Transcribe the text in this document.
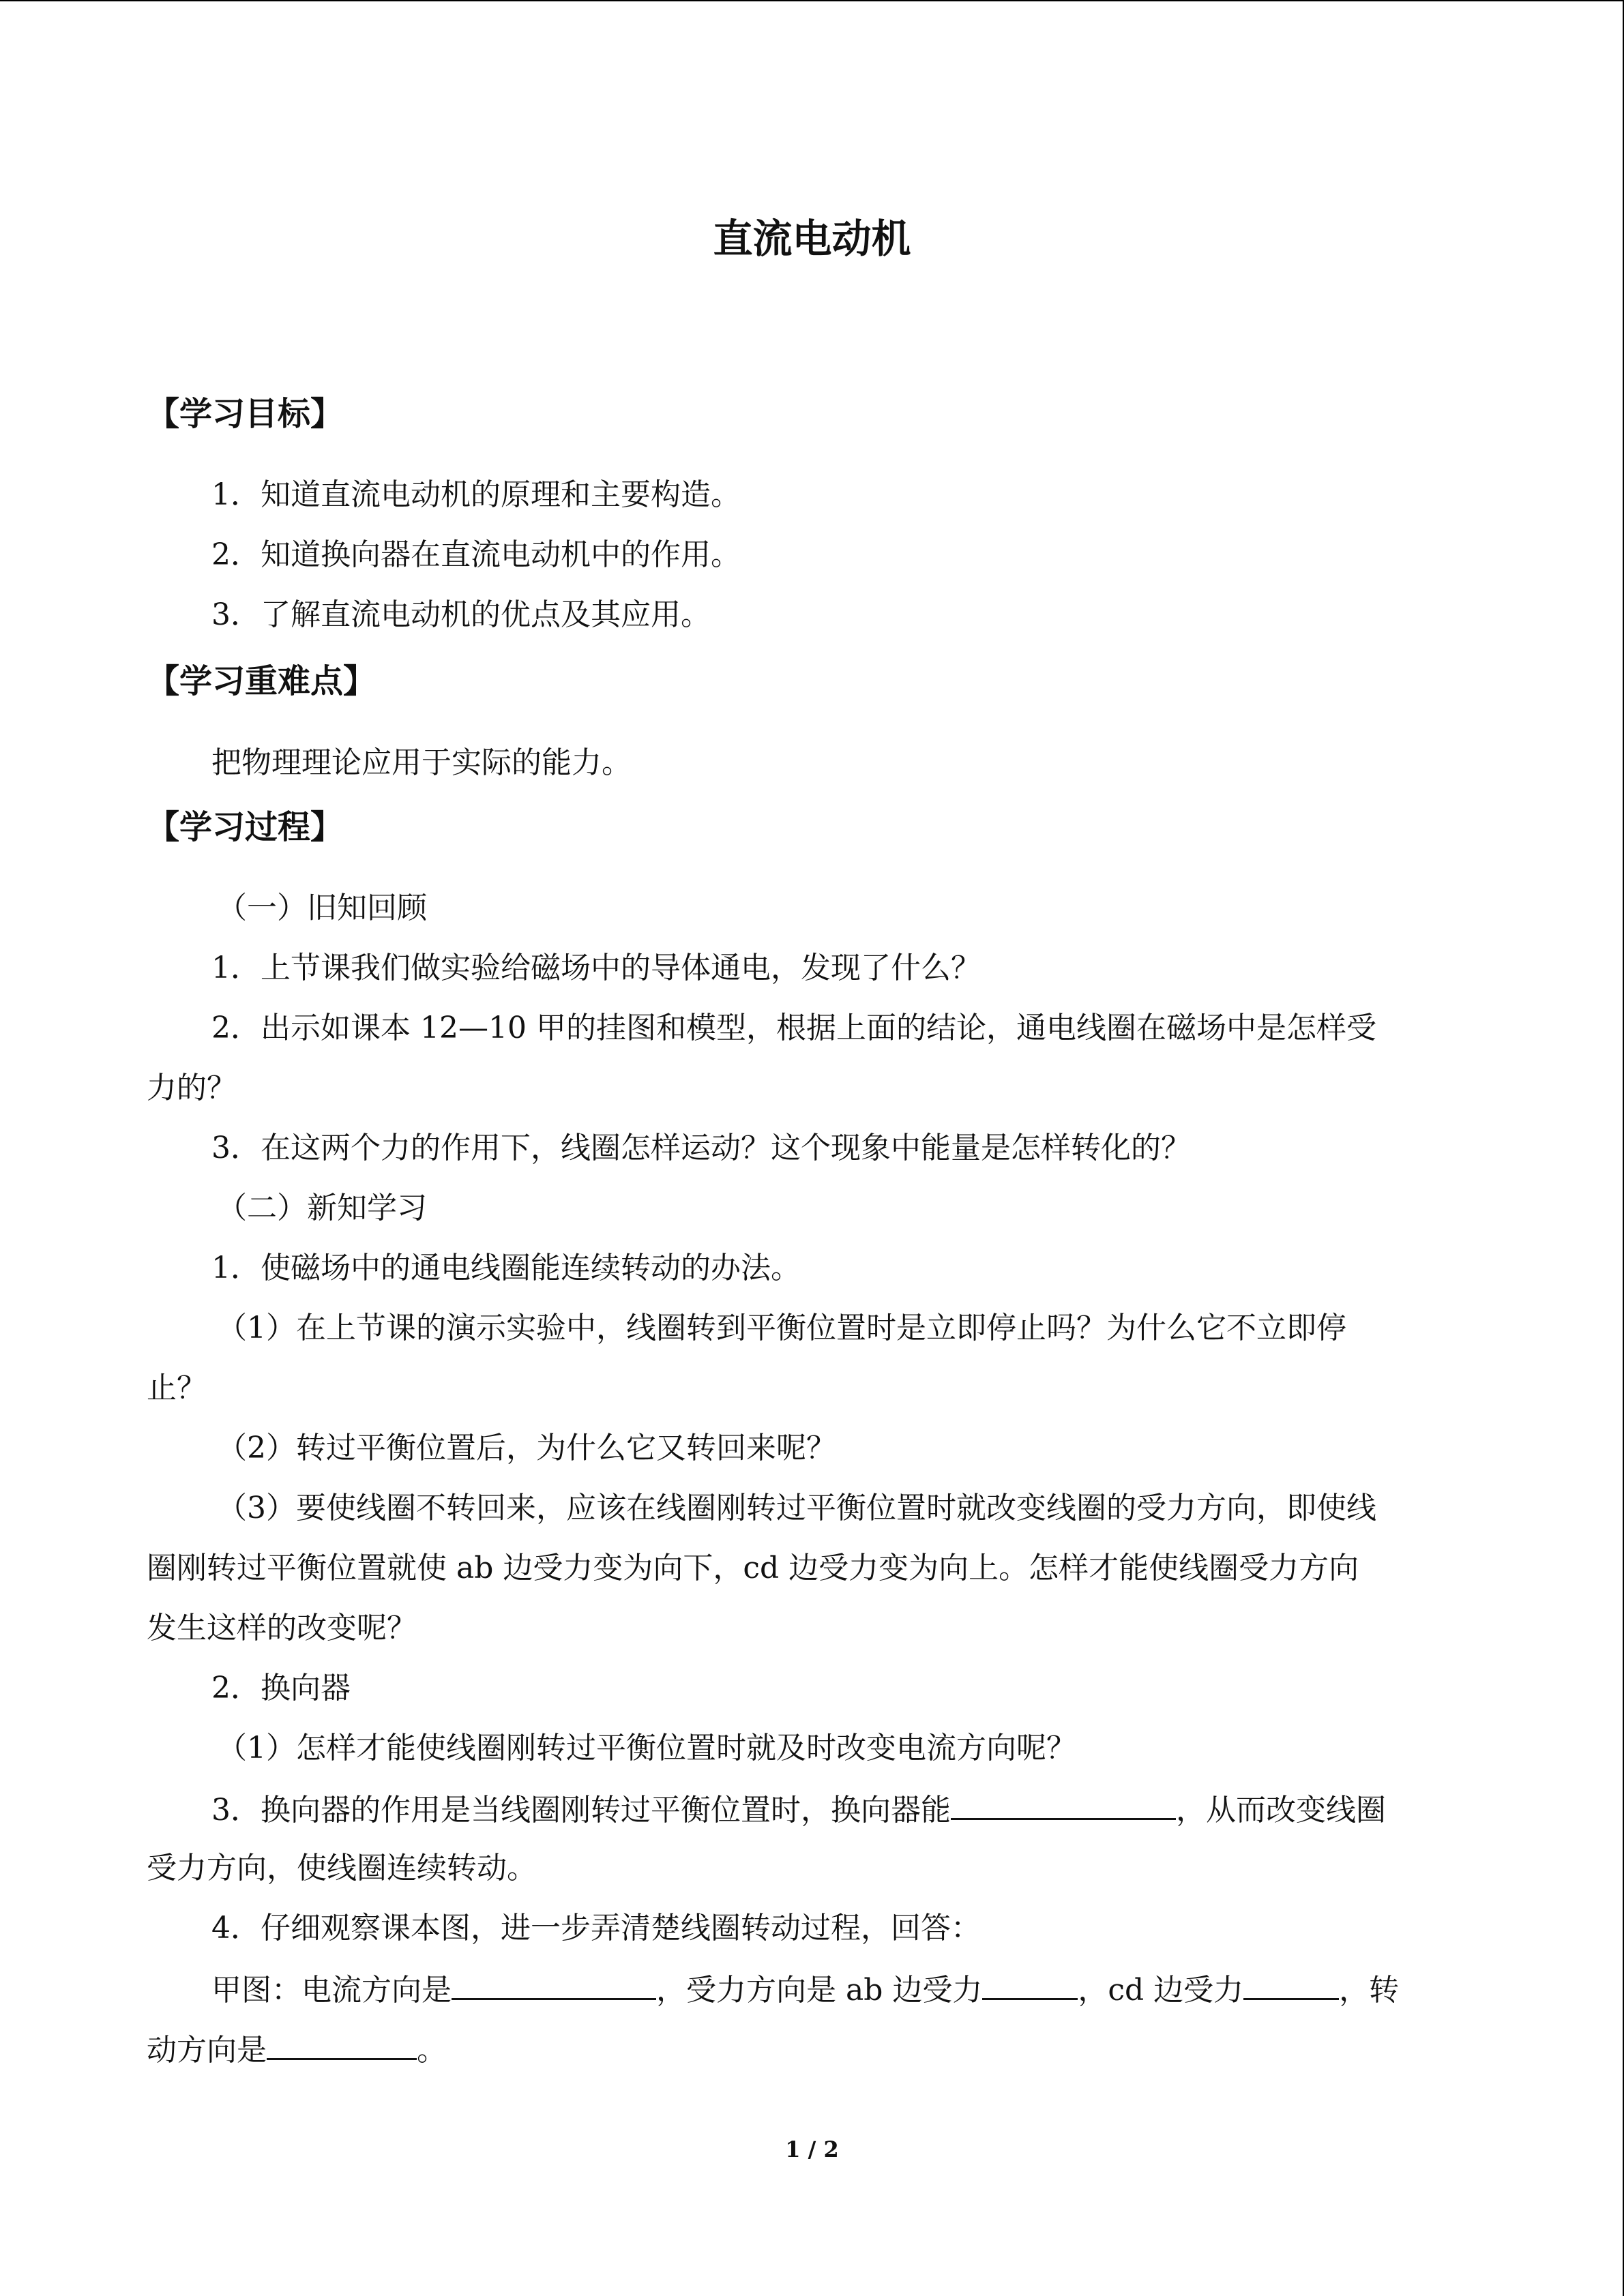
直流电动机
【学习目标】
1．知道直流电动机的原理和主要构造。
2．知道换向器在直流电动机中的作用。
3．了解直流电动机的优点及其应用。
【学习重难点】
把物理理论应用于实际的能力。
【学习过程】
（一）旧知回顾
1．上节课我们做实验给磁场中的导体通电，发现了什么？
2．出示如课本 12—10 甲的挂图和模型，根据上面的结论，通电线圈在磁场中是怎样受
力的？
3．在这两个力的作用下，线圈怎样运动？这个现象中能量是怎样转化的？
（二）新知学习
1．使磁场中的通电线圈能连续转动的办法。
（1）在上节课的演示实验中，线圈转到平衡位置时是立即停止吗？为什么它不立即停
止？
（2）转过平衡位置后，为什么它又转回来呢？
（3）要使线圈不转回来，应该在线圈刚转过平衡位置时就改变线圈的受力方向，即使线
圈刚转过平衡位置就使 ab 边受力变为向下，cd 边受力变为向上。怎样才能使线圈受力方向
发生这样的改变呢？
2．换向器
（1）怎样才能使线圈刚转过平衡位置时就及时改变电流方向呢？
3．换向器的作用是当线圈刚转过平衡位置时，换向器能	，从而改变线圈
受力方向，使线圈连续转动。
4．仔细观察课本图，进一步弄清楚线圈转动过程，回答：
甲图：电流方向是	，受力方向是 ab 边受力	，cd 边受力	，转
动方向是	。
1 / 2
